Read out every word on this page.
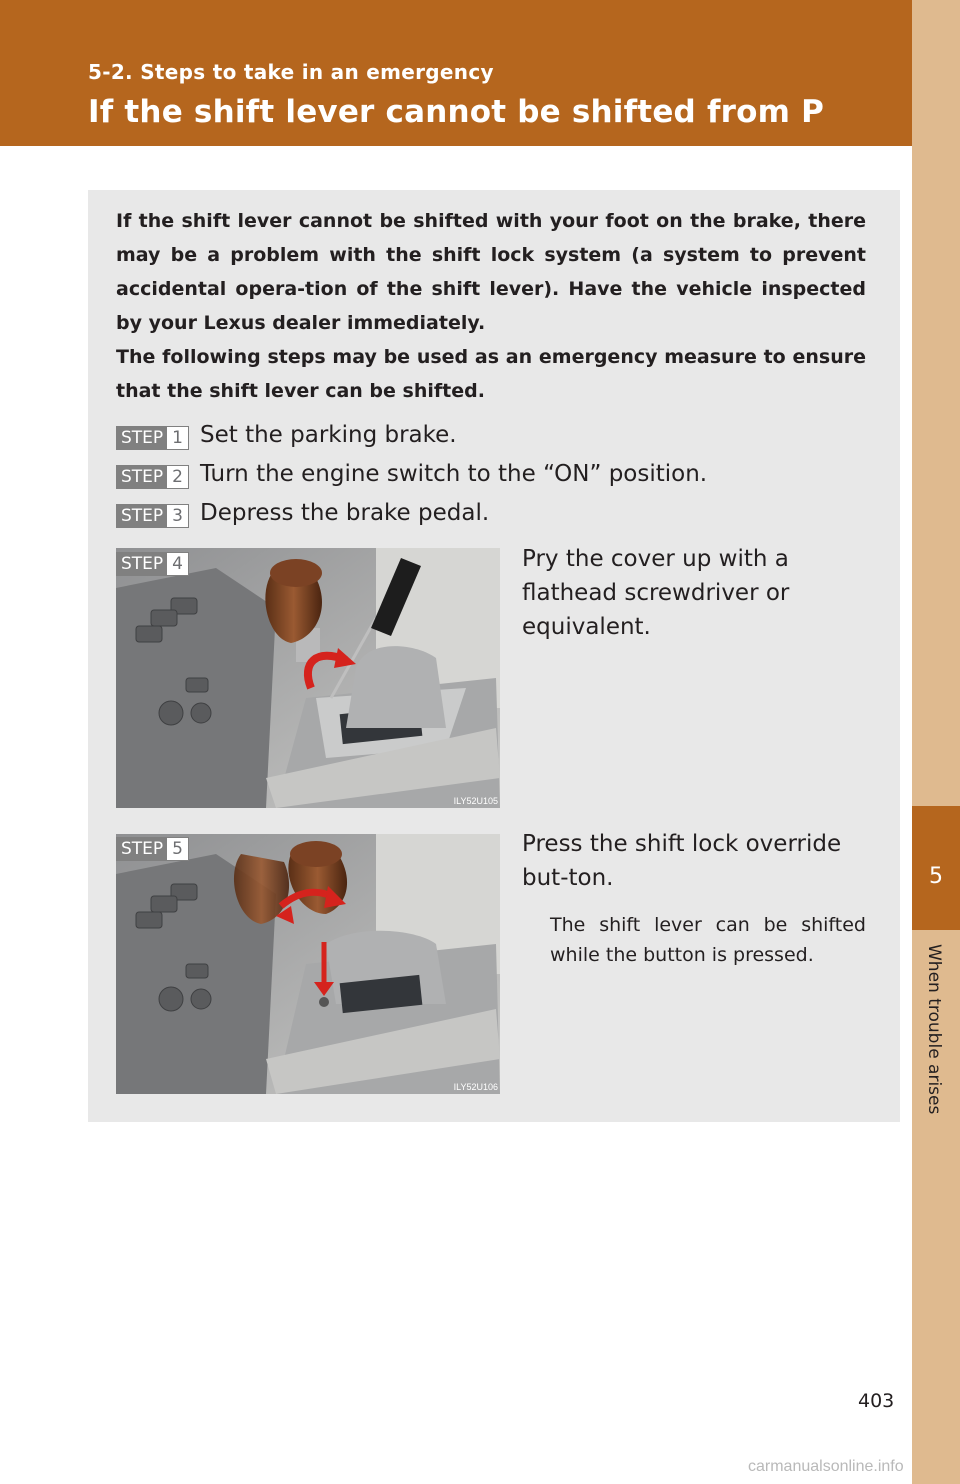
5-2. Steps to take in an emergency
If the shift lever cannot be shifted from P
5
When trouble arises

If the shift lever cannot be shifted with your foot on the brake, there may be a problem with the shift lock system (a system to prevent accidental opera-tion of the shift lever). Have the vehicle inspected by your Lexus dealer immediately.

The following steps may be used as an emergency measure to ensure that the shift lever can be shifted.

STEP 1 Set the parking brake.
STEP 2 Turn the engine switch to the “ON” position.
STEP 3 Depress the brake pedal.
ILY52U105
STEP 4	Pry the cover up with a flathead screwdriver or equivalent.
ILY52U106
STEP 5	Press the shift lock override but-ton.
The shift lever can be shifted while the button is pressed.
403
carmanualsonline.info
